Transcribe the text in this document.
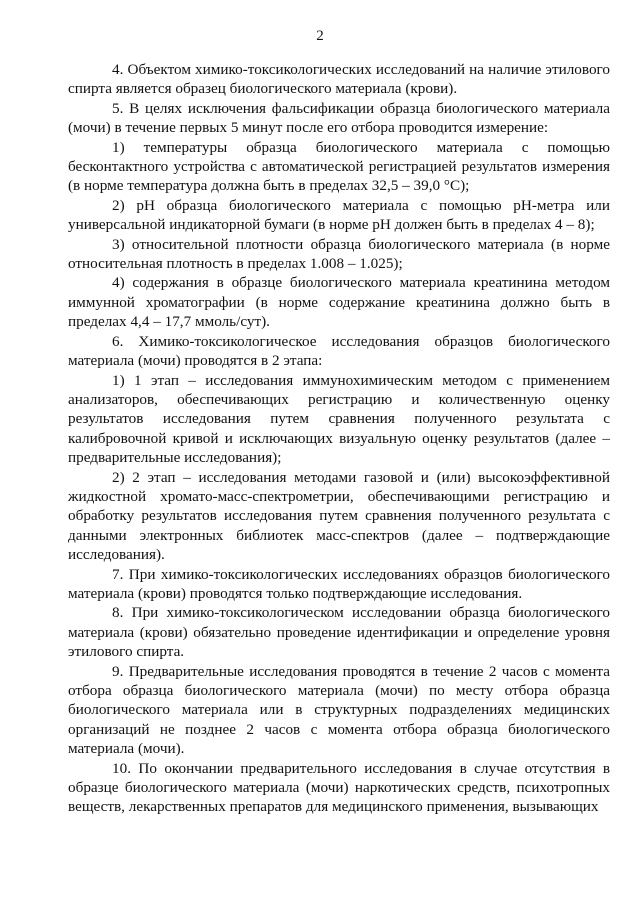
2

4. Объектом химико-токсикологических исследований на наличие этилового спирта является образец биологического материала (крови).

5. В целях исключения фальсификации образца биологического материала (мочи) в течение первых 5 минут после его отбора проводится измерение:

1) температуры образца биологического материала с помощью бесконтактного устройства с автоматической регистрацией результатов измерения (в норме температура должна быть в пределах 32,5 – 39,0 °С);

2) pH образца биологического материала с помощью pH-метра или универсальной индикаторной бумаги (в норме pH должен быть в пределах 4 – 8);

3) относительной плотности образца биологического материала (в норме относительная плотность в пределах 1.008 – 1.025);

4) содержания в образце биологического материала креатинина методом иммунной хроматографии (в норме содержание креатинина должно быть в пределах 4,4 – 17,7 ммоль/сут).

6. Химико-токсикологическое исследования образцов биологического материала (мочи) проводятся в 2 этапа:

1) 1 этап – исследования иммунохимическим методом с применением анализаторов, обеспечивающих регистрацию и количественную оценку результатов исследования путем сравнения полученного результата с калибровочной кривой и исключающих визуальную оценку результатов (далее – предварительные исследования);

2) 2 этап – исследования методами газовой и (или) высокоэффективной жидкостной хромато-масс-спектрометрии, обеспечивающими регистрацию и обработку результатов исследования путем сравнения полученного результата с данными электронных библиотек масс-спектров (далее – подтверждающие исследования).

7. При химико-токсикологических исследованиях образцов биологического материала (крови) проводятся только подтверждающие исследования.

8. При химико-токсикологическом исследовании образца биологического материала (крови) обязательно проведение идентификации и определение уровня этилового спирта.

9. Предварительные исследования проводятся в течение 2 часов с момента отбора образца биологического материала (мочи) по месту отбора образца биологического материала или в структурных подразделениях медицинских организаций не позднее 2 часов с момента отбора образца биологического материала (мочи).

10. По окончании предварительного исследования в случае отсутствия в образце биологического материала (мочи) наркотических средств, психотропных веществ, лекарственных препаратов для медицинского применения, вызывающих
